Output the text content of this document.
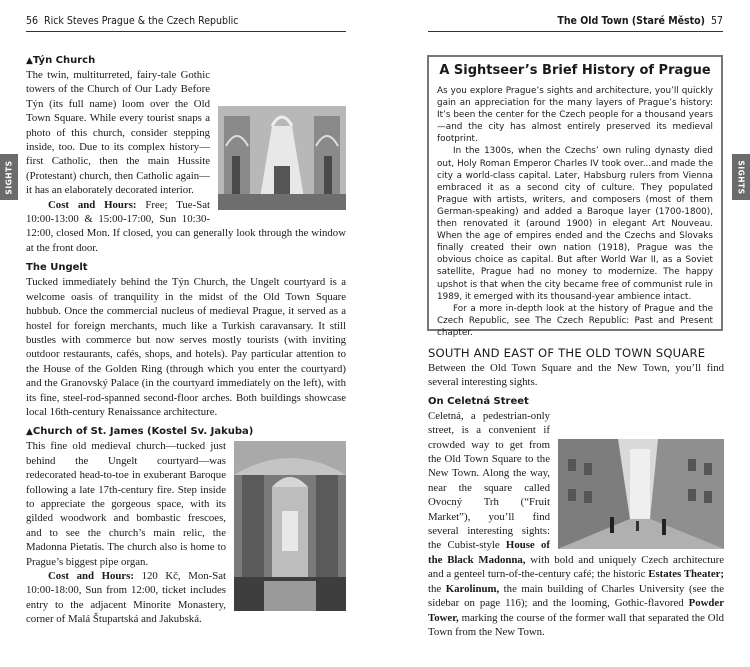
56 Rick Steves Prague & the Czech Republic
SIGHTS
▲Týn Church

The twin, multiturreted, fairy-tale Gothic towers of the Church of Our Lady Before Týn (its full name) loom over the Old Town Square. While every tourist snaps a photo of this church, consider stepping inside, too. Due to its complex history—first Catholic, then the main Hussite (Protestant) church, then Catholic again—it has an elaborately decorated interior.

Cost and Hours: Free; Tue-Sat 10:00-13:00 & 15:00-17:00, Sun 10:30-12:00, closed Mon. If closed, you can generally look through the window at the front door.

The Ungelt

Tucked immediately behind the Týn Church, the Ungelt courtyard is a welcome oasis of tranquility in the midst of the Old Town Square hubbub. Once the commercial nucleus of medieval Prague, it served as a hostel for foreign merchants, much like a Turkish caravansary. It still bustles with commerce but now serves mostly tourists (with inviting outdoor restaurants, cafés, shops, and hotels). Pay particular attention to the House of the Golden Ring (through which you enter the courtyard) and the Granovský Palace (in the courtyard immediately on the left), with its fine, steel-rod-spanned second-floor arches. Both buildings showcase local 16th-century Renaissance architecture.

▲Church of St. James (Kostel Sv. Jakuba)

This fine old medieval church—tucked just behind the Ungelt courtyard—was redecorated head-to-toe in exuberant Baroque following a late 17th-century fire. Step inside to appreciate the gorgeous space, with its gilded woodwork and bombastic frescoes, and to see the church’s main relic, the Madonna Pietatis. The church also is home to Prague’s biggest pipe organ.

Cost and Hours: 120 Kč, Mon-Sat 10:00-18:00, Sun from 12:00, ticket includes entry to the adjacent Minorite Monastery, corner of Malá Štupartská and Jakubská.

The Old Town (Staré Město) 57
SIGHTS
A Sightseer’s Brief History of Prague

As you explore Prague’s sights and architecture, you’ll quickly gain an appreciation for the many layers of Prague’s history: It’s been the center for the Czech people for a thousand years—and the city has almost entirely preserved its medieval footprint.

In the 1300s, when the Czechs’ own ruling dynasty died out, Holy Roman Emperor Charles IV took over...and made the city a world-class capital. Later, Habsburg rulers from Vienna embraced it as a second city of culture. They populated Prague with artists, writers, and composers (most of them German-speaking) and added a Baroque layer (1700-1800), then renovated it (around 1900) in elegant Art Nouveau. When the age of empires ended and the Czechs and Slovaks finally created their own nation (1918), Prague was the obvious choice as capital. But after World War II, as a Soviet satellite, Prague had no money to modernize. The happy upshot is that when the city became free of communist rule in 1989, it emerged with its thousand-year ambience intact.

For a more in-depth look at the history of Prague and the Czech Republic, see The Czech Republic: Past and Present chapter.

SOUTH AND EAST OF THE OLD TOWN SQUARE

Between the Old Town Square and the New Town, you’ll find several interesting sights.

On Celetná Street

Celetná, a pedestrian-only street, is a convenient if crowded way to get from the Old Town Square to the New Town. Along the way, near the square called Ovocný Trh (“Fruit Market”), you’ll find several interesting sights: the Cubist-style House of the Black Madonna, with bold and uniquely Czech architecture and a genteel turn-of-the-century café; the historic Estates Theater; the Karolinum, the main building of Charles University (see the sidebar on page 116); and the looming, Gothic-flavored Powder Tower, marking the course of the former wall that separated the Old Town from the New Town.
